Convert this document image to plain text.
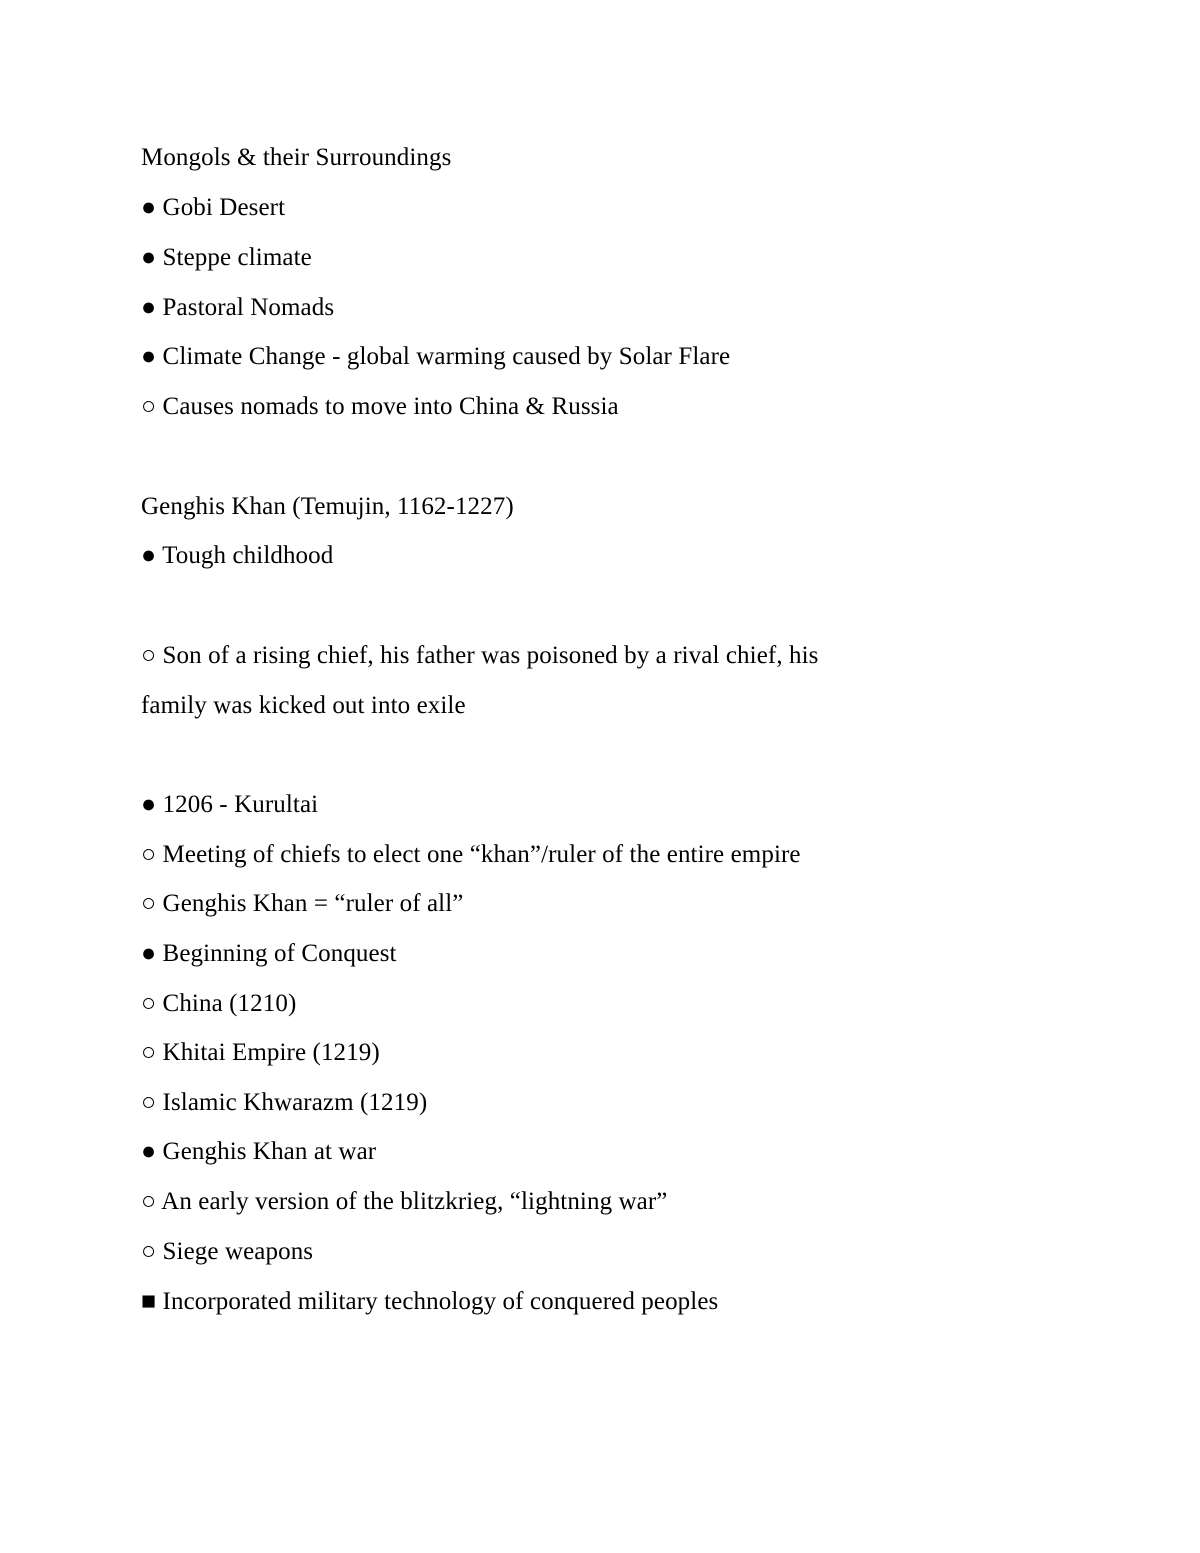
Mongols & their Surroundings
● Gobi Desert
● Steppe climate
● Pastoral Nomads
● Climate Change - global warming caused by Solar Flare
○ Causes nomads to move into China & Russia
Genghis Khan (Temujin, 1162-1227)
● Tough childhood
○ Son of a rising chief, his father was poisoned by a rival chief, his
family was kicked out into exile
● 1206 - Kurultai
○ Meeting of chiefs to elect one “khan”/ruler of the entire empire
○ Genghis Khan = “ruler of all”
● Beginning of Conquest
○ China (1210)
○ Khitai Empire (1219)
○ Islamic Khwarazm (1219)
● Genghis Khan at war
○ An early version of the blitzkrieg, “lightning war”
○ Siege weapons
■ Incorporated military technology of conquered peoples
